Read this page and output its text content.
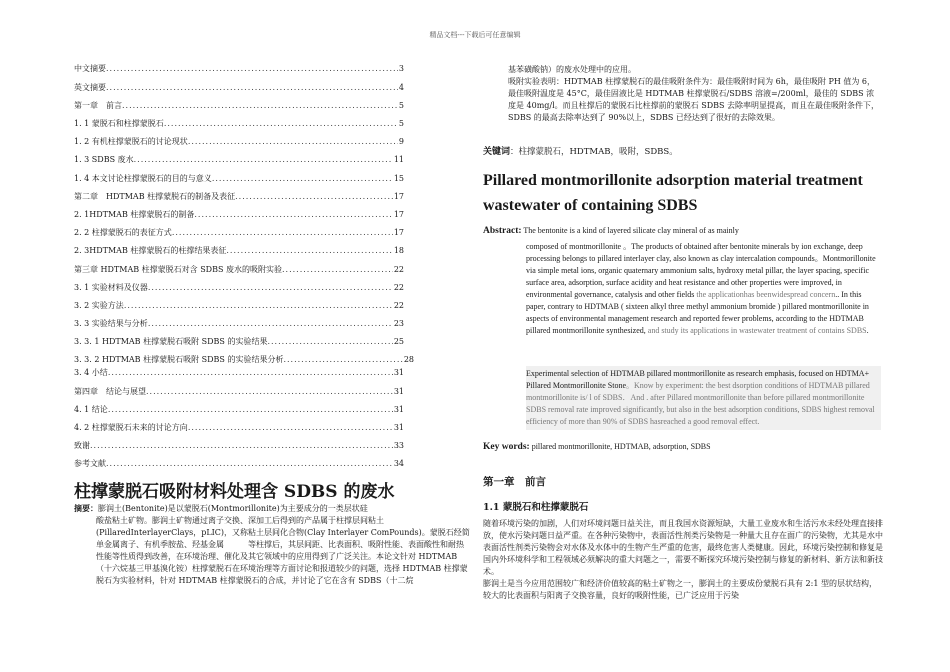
精品文档---下载后可任意编辑
中文摘要 .....	3
英文摘要 .....	4
第一章　前言 .....	5
1. 1 蒙脱石和柱撑蒙脱石 .....	5
1. 2 有机柱撑蒙脱石的讨论现状 .....	9
1. 3 SDBS 废水 .....	11
1. 4 本文讨论柱撑蒙脱石的目的与意义 .....	15
第二章　HDTMAB 柱撑蒙脱石的制备及表征 .....	17
2. 1HDTMAB 柱撑蒙脱石的制备 .....	17
2. 2 柱撑蒙脱石的表征方式 .....	17
2. 3HDTMAB 柱撑蒙脱石的柱撑结果表征 .....	18
第三章 HDTMAB 柱撑蒙脱石对含 SDBS 废水的吸附实验 .....	22
3. 1 实验材料及仪器 .....	22
3. 2 实验方法 .....	22
3. 3 实验结果与分析 .....	23
3. 3. 1 HDTMAB 柱撑蒙脱石吸附 SDBS 的实验结果 .....	25
3. 3. 2 HDTMAB 柱撑蒙脱石吸附 SDBS 的实验结果分析 .....	28
3. 4 小结 .....	31
第四章　结论与展望 .....	31
4. 1 结论 .....	31
4. 2 柱撑蒙脱石未来的讨论方向 .....	31
致谢 .....	33
参考文献 .....	34
柱撑蒙脱石吸附材料处理含 SDBS 的废水
摘要：膨润土(Bentonite)是以蒙脱石(Montmorillonite)为主要成分的一类层状硅
酸盐粘土矿物。膨润土矿物通过离子交换、深加工后得到的产品属于柱撑层间粘土(PillaredInterlayerClays，pLIC)，又称粘土层间化合物(Clay Interlayer ComPounds)。蒙脱石经简单金属离子、有机季胺盐、羟基金属　　　等柱撑后，其层间距、比表面积、吸附性能、表面酸性和耐热性能等性质得到改善，在环境治理、催化及其它领域中的应用得到了广泛关注。本论文针对 HDTMAB（十六烷基三甲基溴化铵）柱撑蒙脱石在环境治理等方面讨论和报道较少的问题，选择 HDTMAB 柱撑蒙脱石为实验材料，针对 HDTMAB 柱撑蒙脱石的合成，并讨论了它在含有 SDBS（十二烷
基苯磺酸钠）的废水处理中的应用。
吸附实验表明：HDTMAB 柱撑蒙脱石的最佳吸附条件为：最佳吸附时间为 6h，最佳吸附 PH 值为 6，最佳吸附温度是 45°C，最佳固液比是 HDTMAB 柱撑蒙脱石/SDBS 溶液=/200ml，最佳的 SDBS 浓度是 40mg/l。而且柱撑后的蒙脱石比柱撑前的蒙脱石 SDBS 去除率明显提高，而且在最佳吸附条件下，SDBS 的最高去除率达到了 90%以上，SDBS 已经达到了很好的去除效果。
关键词：柱撑蒙脱石，HDTMAB，吸附，SDBS。
Pillared montmorillonite adsorption material treatment wastewater of containing SDBS
Abstract: The bentonite is a kind of layered silicate clay mineral of as mainly
composed of montmorillonite 。The products of obtained after bentonite minerals by ion exchange, deep processing belongs to pillared interlayer clay, also known as clay intercalation compounds。Montmorillonite via simple metal ions, organic quaternary ammonium salts, hydroxy metal pillar, the layer spacing, specific surface area, adsorption, surface acidity and heat resistance and other properties were improved, in environmental governance, catalysis and other fields the applicationhas beenwidespread concern.. In this paper, contrary to HDTMAB ( sixteen alkyl three methyl ammonium bromide ) pillared montmorillonite in aspects of environmental management research and reported fewer problems, according to the HDTMAB pillared montmorillonite synthesized, and study its applications in wastewater treatment of contains SDBS.
Experimental selection of HDTMAB pillared montmorillonite as research emphasis, focused on HDTMA+ Pillared Montmorillonite Stone。Know by experiment: the best dsorption conditions of HDTMAB pillared montmorillonite is/ l of SDBS．And . after Pillared montmorillonite than before pillared montmorillonite SDBS removal rate improved significantly, but also in the best adsorption conditions, SDBS highest removal efficiency of more than 90% of SDBS hasreached a good removal effect.
Key words: pillared montmorillonite, HDTMAB, adsorption, SDBS
第一章　前言
1.1 蒙脱石和柱撑蒙脱石
随着环境污染的加剧，人们对环境问题日益关注，而且我国水资源短缺，大量工业废水和生活污水未经处理直接排放，使水污染问题日益严重。在各种污染物中，表面活性剂类污染物是一种量大且存在面广的污染物，尤其是水中表面活性剂类污染物会对水体及水体中的生物产生严重的危害，最终危害人类健康。因此，环境污染控制和修复是国内外环境科学和工程领域必须解决的重大问题之一，需要不断探究环境污染控制与修复的新材料、新方法和新技术。
膨润土是当今应用范围较广和经济价值较高的粘土矿物之一，膨润土的主要成份蒙脱石具有 2:1 型的层状结构，较大的比表面积与阳离子交换容量，良好的吸附性能，已广泛应用于污染
